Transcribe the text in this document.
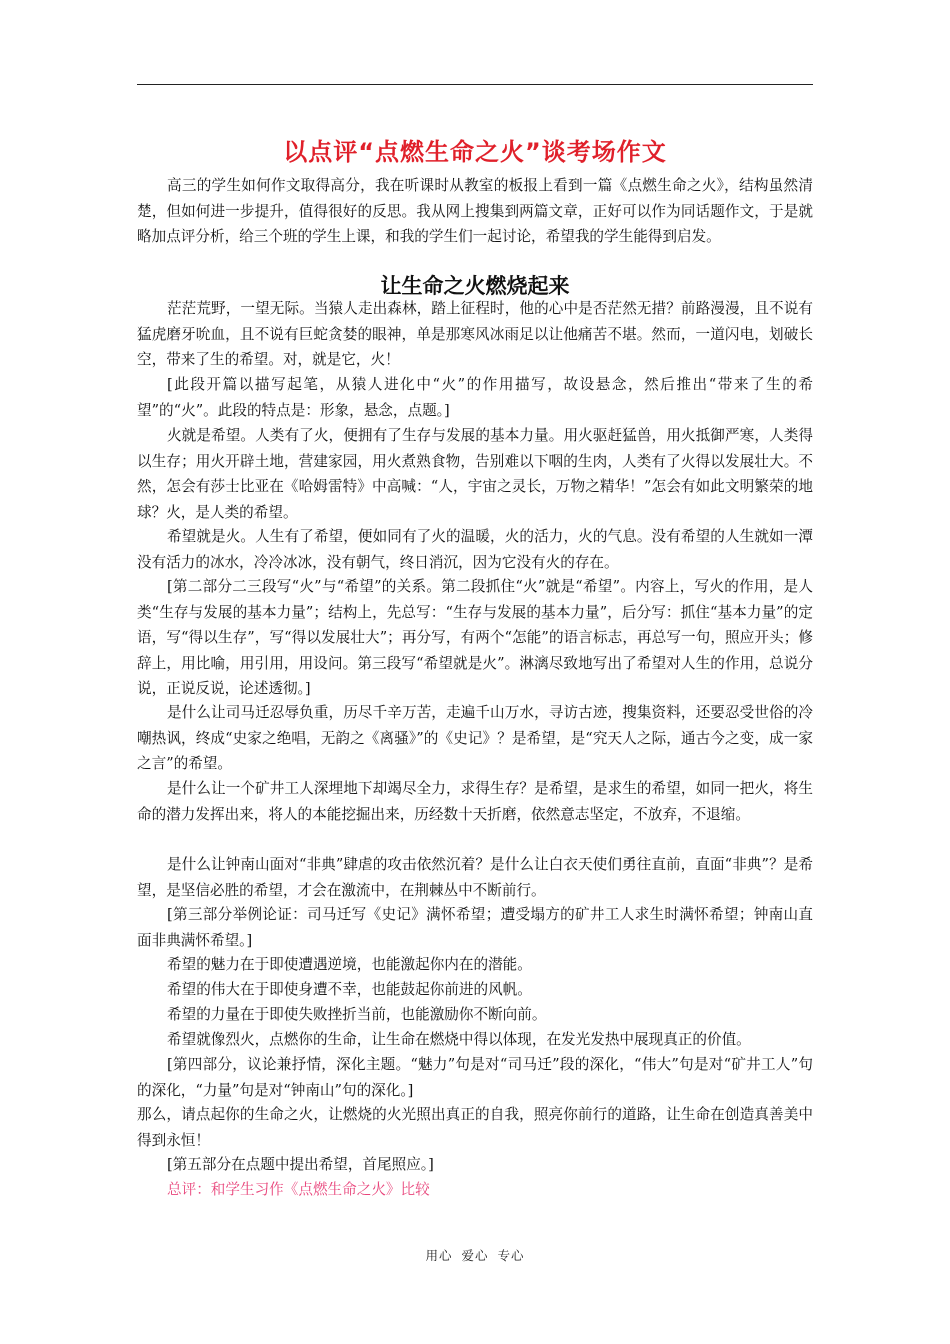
以点评“点燃生命之火”谈考场作文

高三的学生如何作文取得高分，我在听课时从教室的板报上看到一篇《点燃生命之火》，结构虽然清楚，但如何进一步提升，值得很好的反思。我从网上搜集到两篇文章，正好可以作为同话题作文，于是就略加点评分析，给三个班的学生上课，和我的学生们一起讨论，希望我的学生能得到启发。

让生命之火燃烧起来

茫茫荒野，一望无际。当猿人走出森林，踏上征程时，他的心中是否茫然无措？前路漫漫，且不说有猛虎磨牙吮血，且不说有巨蛇贪婪的眼神，单是那寒风冰雨足以让他痛苦不堪。然而，一道闪电，划破长空，带来了生的希望。对，就是它，火！

[此段开篇以描写起笔，从猿人进化中“火”的作用描写，故设悬念，然后推出“带来了生的希望”的“火”。此段的特点是：形象，悬念，点题。]

火就是希望。人类有了火，便拥有了生存与发展的基本力量。用火驱赶猛兽，用火抵御严寒，人类得以生存；用火开辟土地，营建家园，用火煮熟食物，告别难以下咽的生肉，人类有了火得以发展壮大。不然，怎会有莎士比亚在《哈姆雷特》中高喊：“人，宇宙之灵长，万物之精华！”怎会有如此文明繁荣的地球？火，是人类的希望。

希望就是火。人生有了希望，便如同有了火的温暖，火的活力，火的气息。没有希望的人生就如一潭没有活力的冰水，冷冷冰冰，没有朝气，终日消沉，因为它没有火的存在。

[第二部分二三段写“火”与“希望”的关系。第二段抓住“火”就是“希望”。内容上，写火的作用，是人类“生存与发展的基本力量”；结构上，先总写：“生存与发展的基本力量”，后分写：抓住“基本力量”的定语，写“得以生存”，写“得以发展壮大”；再分写，有两个“怎能”的语言标志，再总写一句，照应开头；修辞上，用比喻，用引用，用设问。第三段写“希望就是火”。淋漓尽致地写出了希望对人生的作用，总说分说，正说反说，论述透彻。]

是什么让司马迁忍辱负重，历尽千辛万苦，走遍千山万水，寻访古迹，搜集资料，还要忍受世俗的冷嘲热讽，终成“史家之绝唱，无韵之《离骚》”的《史记》？是希望，是“究天人之际，通古今之变，成一家之言”的希望。

是什么让一个矿井工人深埋地下却竭尽全力，求得生存？是希望，是求生的希望，如同一把火，将生命的潜力发挥出来，将人的本能挖掘出来，历经数十天折磨，依然意志坚定，不放弃，不退缩。

是什么让钟南山面对“非典”肆虐的攻击依然沉着？是什么让白衣天使们勇往直前，直面“非典”？是希望，是坚信必胜的希望，才会在激流中，在荆棘丛中不断前行。

[第三部分举例论证：司马迁写《史记》满怀希望；遭受塌方的矿井工人求生时满怀希望；钟南山直面非典满怀希望。]

希望的魅力在于即使遭遇逆境，也能激起你内在的潜能。

希望的伟大在于即使身遭不幸，也能鼓起你前进的风帆。

希望的力量在于即使失败挫折当前，也能激励你不断向前。

希望就像烈火，点燃你的生命，让生命在燃烧中得以体现，在发光发热中展现真正的价值。

[第四部分，议论兼抒情，深化主题。“魅力”句是对“司马迁”段的深化，“伟大”句是对“矿井工人”句的深化，“力量”句是对“钟南山”句的深化。]

那么，请点起你的生命之火，让燃烧的火光照出真正的自我，照亮你前行的道路，让生命在创造真善美中得到永恒！

[第五部分在点题中提出希望，首尾照应。]

总评：和学生习作《点燃生命之火》比较

用心 爱心 专心
